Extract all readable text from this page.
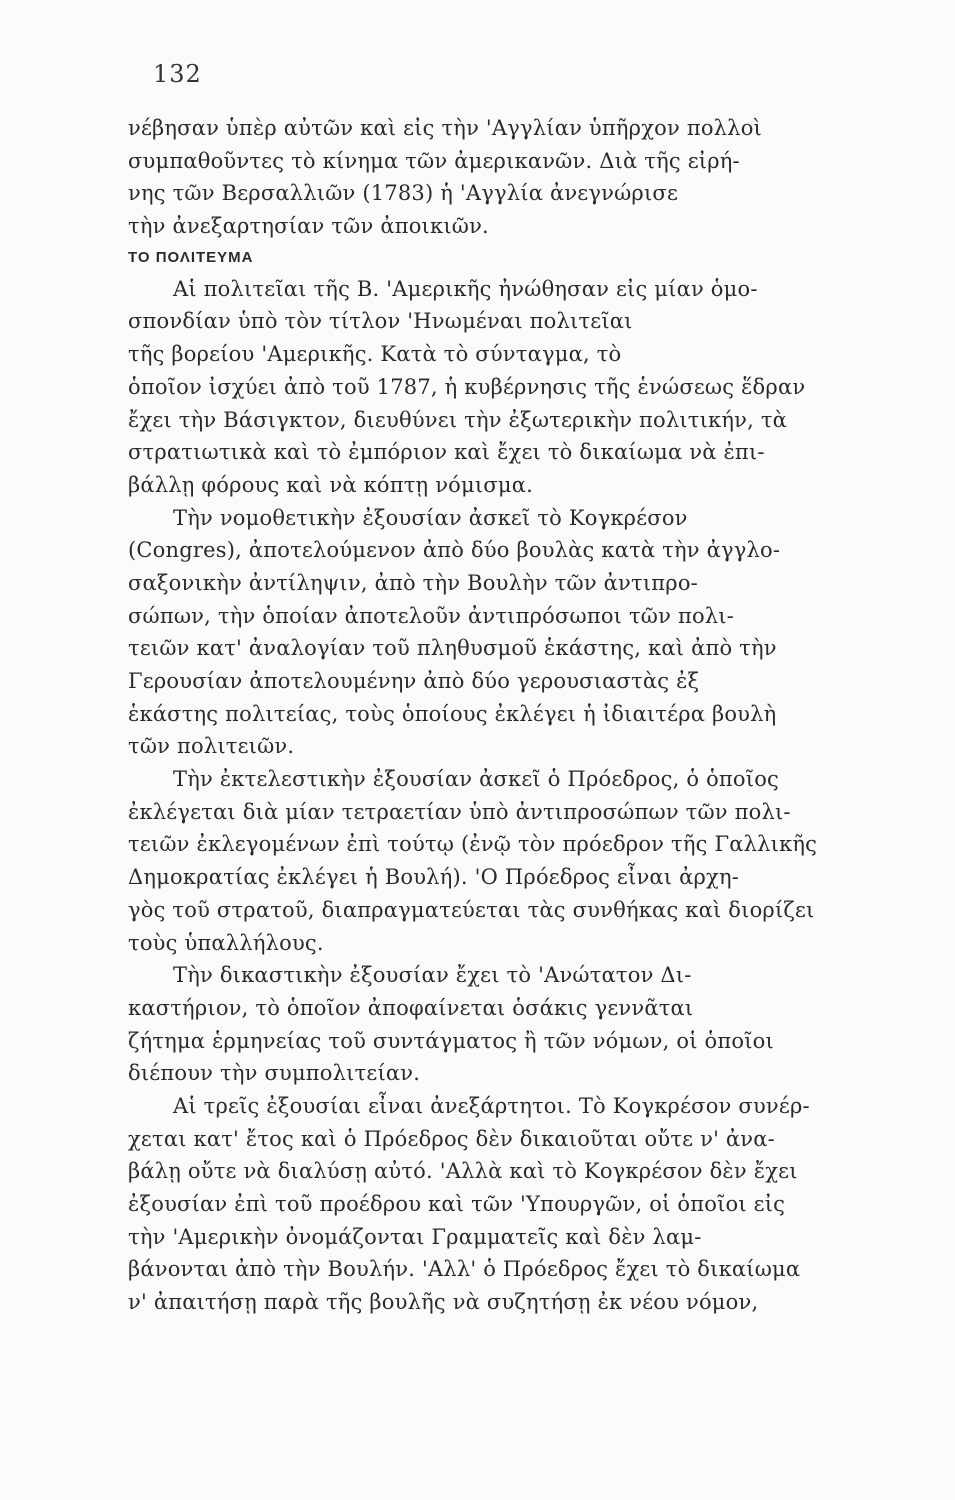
132
νέβησαν ὑπὲρ αὐτῶν καὶ εἰς τὴν 'Αγγλίαν ὑπῆρχον πολλοὶ
συμπαθοῦντες τὸ κίνημα τῶν ἀμερικανῶν. Διὰ τῆς εἰρή-
νης τῶν Βερσαλλιῶν (1783) ἡ 'Αγγλία ἀνεγνώρισε
τὴν ἀνεξαρτησίαν τῶν ἀποικιῶν.
ΤΟ ΠΟΛΙΤΕΥΜΑ
Αἱ πολιτεῖαι τῆς Β. 'Αμερικῆς ἠνώθησαν εἰς μίαν ὁμο-
σπονδίαν ὑπὸ τὸν τίτλον 'Ηνωμέναι πολιτεῖαι
τῆς βορείου 'Αμερικῆς. Κατὰ τὸ σύνταγμα, τὸ
ὁποῖον ἰσχύει ἀπὸ τοῦ 1787, ἡ κυβέρνησις τῆς ἑνώσεως ἕδραν
ἔχει τὴν Βάσιγκτον, διευθύνει τὴν ἐξωτερικὴν πολιτικήν, τὰ
στρατιωτικὰ καὶ τὸ ἐμπόριον καὶ ἔχει τὸ δικαίωμα νὰ ἐπι-
βάλλῃ φόρους καὶ νὰ κόπτῃ νόμισμα.
Τὴν νομοθετικὴν ἐξουσίαν ἀσκεῖ τὸ Κογκρέσον
(Congres), ἀποτελούμενον ἀπὸ δύο βουλὰς κατὰ τὴν ἀγγλο-
σαξονικὴν ἀντίληψιν, ἀπὸ τὴν Βουλὴν τῶν ἀντιπρο-
σώπων, τὴν ὁποίαν ἀποτελοῦν ἀντιπρόσωποι τῶν πολι-
τειῶν κατ' ἀναλογίαν τοῦ πληθυσμοῦ ἑκάστης, καὶ ἀπὸ τὴν
Γερουσίαν ἀποτελουμένην ἀπὸ δύο γερουσιαστὰς ἐξ
ἑκάστης πολιτείας, τοὺς ὁποίους ἐκλέγει ἡ ἰδιαιτέρα βουλὴ
τῶν πολιτειῶν.
Τὴν ἐκτελεστικὴν ἐξουσίαν ἀσκεῖ ὁ Πρόεδρος, ὁ ὁποῖος
ἐκλέγεται διὰ μίαν τετραετίαν ὑπὸ ἀντιπροσώπων τῶν πολι-
τειῶν ἐκλεγομένων ἐπὶ τούτῳ (ἐνῷ τὸν πρόεδρον τῆς Γαλλικῆς
Δημοκρατίας ἐκλέγει ἡ Βουλή). 'Ο Πρόεδρος εἶναι ἀρχη-
γὸς τοῦ στρατοῦ, διαπραγματεύεται τὰς συνθήκας καὶ διορίζει
τοὺς ὑπαλλήλους.
Τὴν δικαστικὴν ἐξουσίαν ἔχει τὸ 'Ανώτατον Δι-
καστήριον, τὸ ὁποῖον ἀποφαίνεται ὁσάκις γεννᾶται
ζήτημα ἑρμηνείας τοῦ συντάγματος ἢ τῶν νόμων, οἱ ὁποῖοι
διέπουν τὴν συμπολιτείαν.
Αἱ τρεῖς ἐξουσίαι εἶναι ἀνεξάρτητοι. Τὸ Κογκρέσον συνέρ-
χεται κατ' ἔτος καὶ ὁ Πρόεδρος δὲν δικαιοῦται οὔτε ν' ἀνα-
βάλῃ οὔτε νὰ διαλύσῃ αὐτό. 'Αλλὰ καὶ τὸ Κογκρέσον δὲν ἔχει
ἐξουσίαν ἐπὶ τοῦ προέδρου καὶ τῶν 'Υπουργῶν, οἱ ὁποῖοι εἰς
τὴν 'Αμερικὴν ὀνομάζονται Γραμματεῖς καὶ δὲν λαμ-
βάνονται ἀπὸ τὴν Βουλήν. 'Αλλ' ὁ Πρόεδρος ἔχει τὸ δικαίωμα
ν' ἀπαιτήσῃ παρὰ τῆς βουλῆς νὰ συζητήσῃ ἐκ νέου νόμον,
